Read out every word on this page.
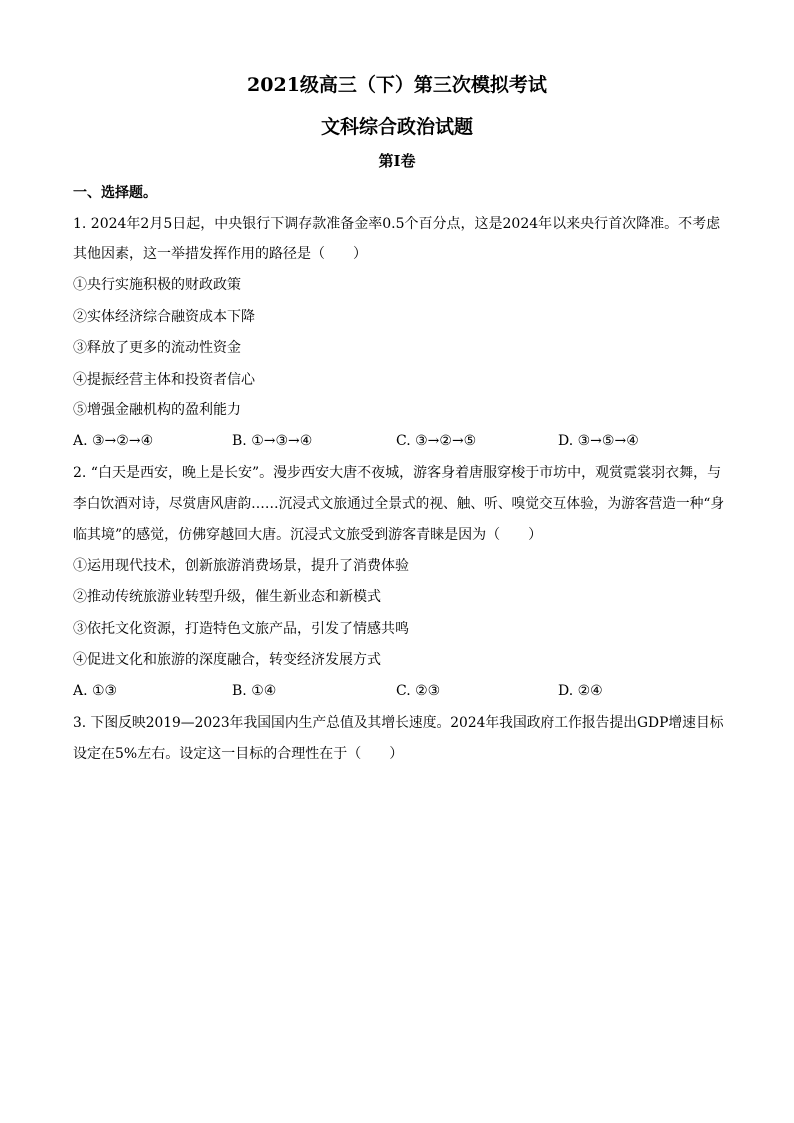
2021级高三（下）第三次模拟考试
文科综合政治试题
第Ⅰ卷
一、选择题。
1. 2024年2月5日起，中央银行下调存款准备金率0.5个百分点，这是2024年以来央行首次降准。不考虑
其他因素，这一举措发挥作用的路径是（　　）
①央行实施积极的财政政策
②实体经济综合融资成本下降
③释放了更多的流动性资金
④提振经营主体和投资者信心
⑤增强金融机构的盈利能力
A. ③→②→④	B. ①→③→④	C. ③→②→⑤	D. ③→⑤→④
2. “白天是西安，晚上是长安”。漫步西安大唐不夜城，游客身着唐服穿梭于市坊中，观赏霓裳羽衣舞，与
李白饮酒对诗，尽赏唐风唐韵……沉浸式文旅通过全景式的视、触、听、嗅觉交互体验，为游客营造一种“身
临其境”的感觉，仿佛穿越回大唐。沉浸式文旅受到游客青睐是因为（　　）
①运用现代技术，创新旅游消费场景，提升了消费体验
②推动传统旅游业转型升级，催生新业态和新模式
③依托文化资源，打造特色文旅产品，引发了情感共鸣
④促进文化和旅游的深度融合，转变经济发展方式
A. ①③	B. ①④	C. ②③	D. ②④
3. 下图反映2019—2023年我国国内生产总值及其增长速度。2024年我国政府工作报告提出GDP增速目标
设定在5%左右。设定这一目标的合理性在于（　　）
